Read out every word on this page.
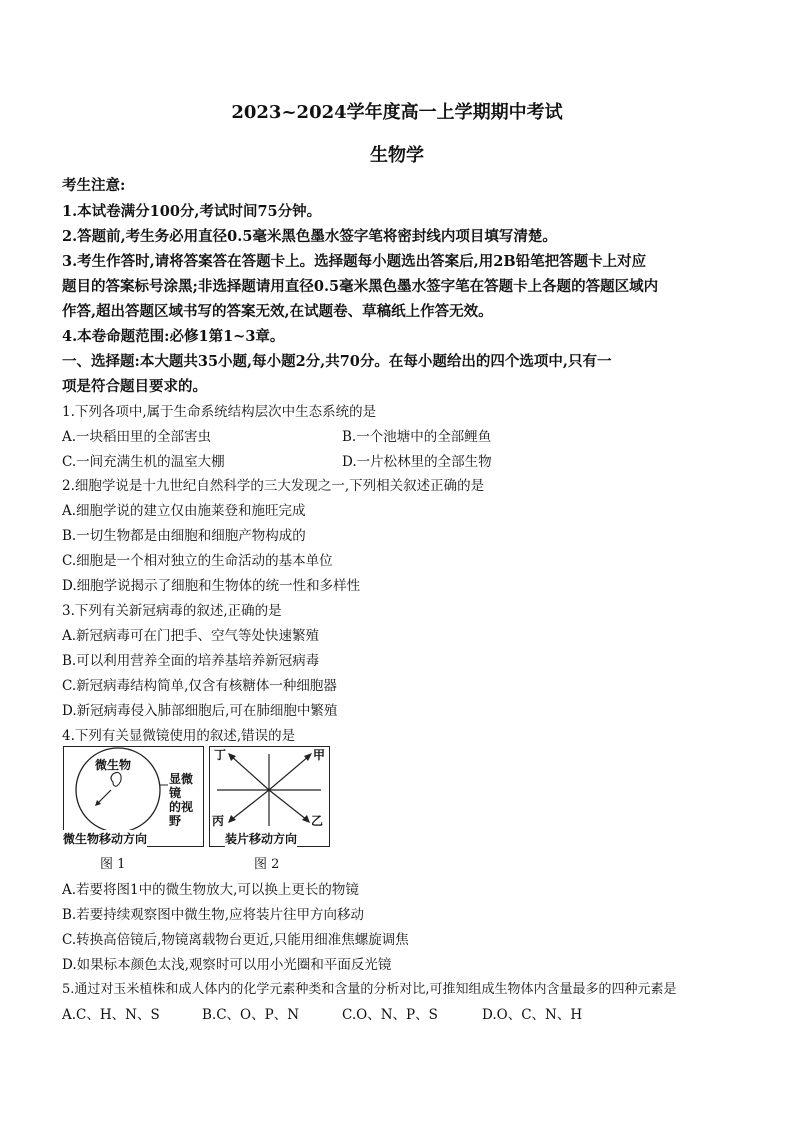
2023~2024学年度高一上学期期中考试
生物学
考生注意:
1.本试卷满分100分,考试时间75分钟。
2.答题前,考生务必用直径0.5毫米黑色墨水签字笔将密封线内项目填写清楚。
3.考生作答时,请将答案答在答题卡上。选择题每小题选出答案后,用2B铅笔把答题卡上对应
题目的答案标号涂黑;非选择题请用直径0.5毫米黑色墨水签字笔在答题卡上各题的答题区域内
作答,超出答题区域书写的答案无效,在试题卷、草稿纸上作答无效。
4.本卷命题范围:必修1第1~3章。
一、选择题:本大题共35小题,每小题2分,共70分。在每小题给出的四个选项中,只有一
项是符合题目要求的。
1.下列各项中,属于生命系统结构层次中生态系统的是
A.一块稻田里的全部害虫	B.一个池塘中的全部鲤鱼
C.一间充满生机的温室大棚	D.一片松林里的全部生物
2.细胞学说是十九世纪自然科学的三大发现之一,下列相关叙述正确的是
A.细胞学说的建立仅由施莱登和施旺完成
B.一切生物都是由细胞和细胞产物构成的
C.细胞是一个相对独立的生命活动的基本单位
D.细胞学说揭示了细胞和生物体的统一性和多样性
3.下列有关新冠病毒的叙述,正确的是
A.新冠病毒可在门把手、空气等处快速繁殖
B.可以利用营养全面的培养基培养新冠病毒
C.新冠病毒结构简单,仅含有核糖体一种细胞器
D.新冠病毒侵入肺部细胞后,可在肺细胞中繁殖
4.下列有关显微镜使用的叙述,错误的是
微生物
显微镜
的视野
微生物移动方向
丁	甲
丙	乙
装片移动方向
图 1	图 2
A.若要将图1中的微生物放大,可以换上更长的物镜
B.若要持续观察图中微生物,应将装片往甲方向移动
C.转换高倍镜后,物镜离载物台更近,只能用细准焦螺旋调焦
D.如果标本颜色太浅,观察时可以用小光圈和平面反光镜
5.通过对玉米植株和成人体内的化学元素种类和含量的分析对比,可推知组成生物体内含量最多的四种元素是
A.C、H、N、S	B.C、O、P、N	C.O、N、P、S	D.O、C、N、H
